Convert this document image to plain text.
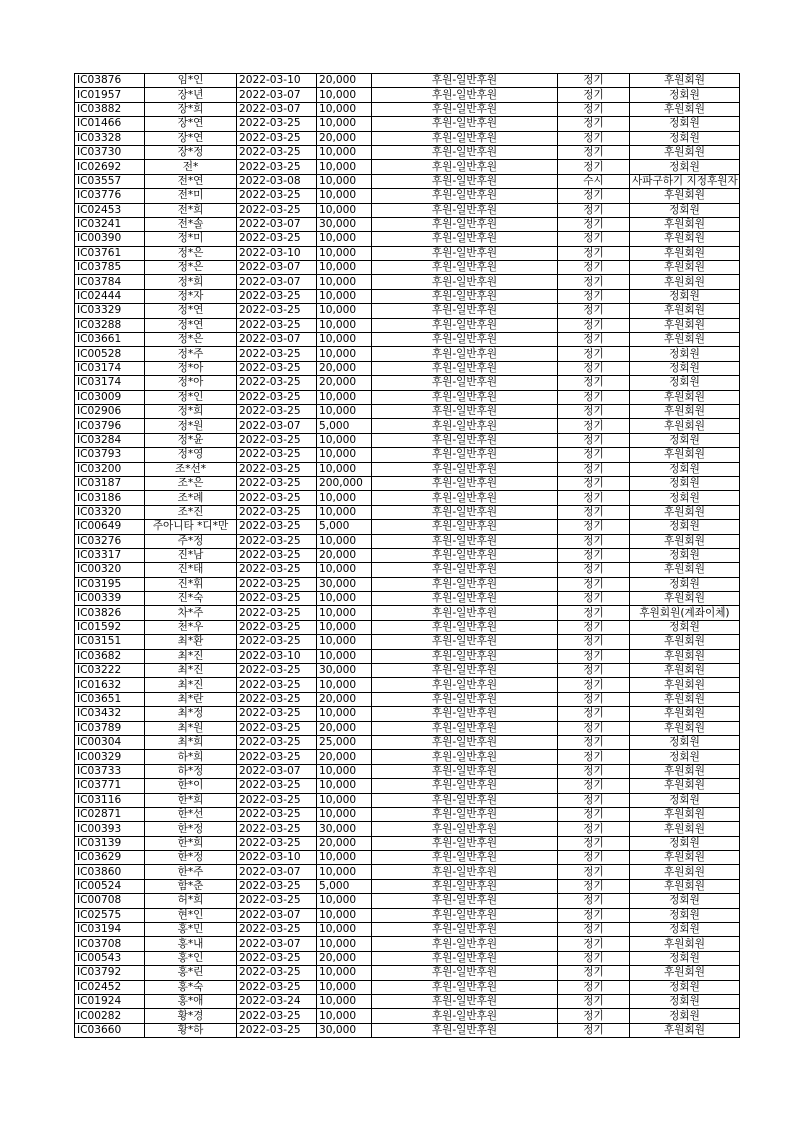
IC03876	임*인	2022-03-10	20,000	후원-일반후원	정기	후원회원
IC01957	장*년	2022-03-07	10,000	후원-일반후원	정기	정회원
IC03882	장*희	2022-03-07	10,000	후원-일반후원	정기	후원회원
IC01466	장*연	2022-03-25	10,000	후원-일반후원	정기	정회원
IC03328	장*연	2022-03-25	20,000	후원-일반후원	정기	정회원
IC03730	장*정	2022-03-25	10,000	후원-일반후원	정기	후원회원
IC02692	전*	2022-03-25	10,000	후원-일반후원	정기	정회원
IC03557	전*연	2022-03-08	10,000	후원-일반후원	수시	사파구하기 지정후원자
IC03776	전*미	2022-03-25	10,000	후원-일반후원	정기	후원회원
IC02453	전*희	2022-03-25	10,000	후원-일반후원	정기	정회원
IC03241	전*솔	2022-03-07	30,000	후원-일반후원	정기	후원회원
IC00390	정*미	2022-03-25	10,000	후원-일반후원	정기	후원회원
IC03761	정*은	2022-03-10	10,000	후원-일반후원	정기	후원회원
IC03785	정*은	2022-03-07	10,000	후원-일반후원	정기	후원회원
IC03784	정*희	2022-03-07	10,000	후원-일반후원	정기	후원회원
IC02444	정*자	2022-03-25	10,000	후원-일반후원	정기	정회원
IC03329	정*연	2022-03-25	10,000	후원-일반후원	정기	후원회원
IC03288	정*연	2022-03-25	10,000	후원-일반후원	정기	후원회원
IC03661	정*은	2022-03-07	10,000	후원-일반후원	정기	후원회원
IC00528	정*주	2022-03-25	10,000	후원-일반후원	정기	정회원
IC03174	정*아	2022-03-25	20,000	후원-일반후원	정기	정회원
IC03174	정*아	2022-03-25	20,000	후원-일반후원	정기	정회원
IC03009	정*인	2022-03-25	10,000	후원-일반후원	정기	후원회원
IC02906	정*희	2022-03-25	10,000	후원-일반후원	정기	후원회원
IC03796	정*원	2022-03-07	5,000	후원-일반후원	정기	후원회원
IC03284	정*윤	2022-03-25	10,000	후원-일반후원	정기	정회원
IC03793	정*영	2022-03-25	10,000	후원-일반후원	정기	후원회원
IC03200	조*선*	2022-03-25	10,000	후원-일반후원	정기	정회원
IC03187	조*은	2022-03-25	200,000	후원-일반후원	정기	정회원
IC03186	조*례	2022-03-25	10,000	후원-일반후원	정기	정회원
IC03320	조*진	2022-03-25	10,000	후원-일반후원	정기	후원회원
IC00649	주아니타 *디*만	2022-03-25	5,000	후원-일반후원	정기	정회원
IC03276	주*정	2022-03-25	10,000	후원-일반후원	정기	후원회원
IC03317	진*남	2022-03-25	20,000	후원-일반후원	정기	정회원
IC00320	진*태	2022-03-25	10,000	후원-일반후원	정기	후원회원
IC03195	진*휘	2022-03-25	30,000	후원-일반후원	정기	정회원
IC00339	진*숙	2022-03-25	10,000	후원-일반후원	정기	후원회원
IC03826	차*주	2022-03-25	10,000	후원-일반후원	정기	후원회원(계좌이체)
IC01592	천*우	2022-03-25	10,000	후원-일반후원	정기	정회원
IC03151	최*환	2022-03-25	10,000	후원-일반후원	정기	후원회원
IC03682	최*진	2022-03-10	10,000	후원-일반후원	정기	후원회원
IC03222	최*진	2022-03-25	30,000	후원-일반후원	정기	후원회원
IC01632	최*진	2022-03-25	10,000	후원-일반후원	정기	후원회원
IC03651	최*란	2022-03-25	20,000	후원-일반후원	정기	후원회원
IC03432	최*정	2022-03-25	10,000	후원-일반후원	정기	후원회원
IC03789	최*원	2022-03-25	20,000	후원-일반후원	정기	후원회원
IC00304	최*희	2022-03-25	25,000	후원-일반후원	정기	정회원
IC00329	하*희	2022-03-25	20,000	후원-일반후원	정기	정회원
IC03733	하*정	2022-03-07	10,000	후원-일반후원	정기	후원회원
IC03771	한*이	2022-03-25	10,000	후원-일반후원	정기	후원회원
IC03116	한*희	2022-03-25	10,000	후원-일반후원	정기	정회원
IC02871	한*선	2022-03-25	10,000	후원-일반후원	정기	후원회원
IC00393	한*정	2022-03-25	30,000	후원-일반후원	정기	후원회원
IC03139	한*희	2022-03-25	20,000	후원-일반후원	정기	정회원
IC03629	한*정	2022-03-10	10,000	후원-일반후원	정기	후원회원
IC03860	한*주	2022-03-07	10,000	후원-일반후원	정기	후원회원
IC00524	함*춘	2022-03-25	5,000	후원-일반후원	정기	후원회원
IC00708	허*희	2022-03-25	10,000	후원-일반후원	정기	정회원
IC02575	현*인	2022-03-07	10,000	후원-일반후원	정기	정회원
IC03194	홍*민	2022-03-25	10,000	후원-일반후원	정기	정회원
IC03708	홍*내	2022-03-07	10,000	후원-일반후원	정기	후원회원
IC00543	홍*인	2022-03-25	20,000	후원-일반후원	정기	정회원
IC03792	홍*린	2022-03-25	10,000	후원-일반후원	정기	후원회원
IC02452	홍*숙	2022-03-25	10,000	후원-일반후원	정기	정회원
IC01924	홍*애	2022-03-24	10,000	후원-일반후원	정기	정회원
IC00282	황*경	2022-03-25	10,000	후원-일반후원	정기	정회원
IC03660	황*하	2022-03-25	30,000	후원-일반후원	정기	후원회원
